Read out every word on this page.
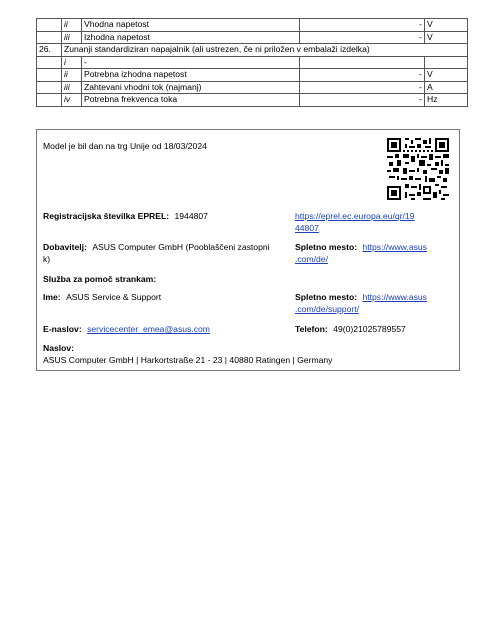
	ii	Vhodna napetost	-	V
	iii	Izhodna napetost	-	V
26.	Zunanji standardiziran napajalnik (ali ustrezen, če ni priložen v embalaži izdelka)			
	i	-		
	ii	Potrebna izhodna napetost	-	V
	iii	Zahtevani vhodni tok (najmanj)	-	A
	iv	Potrebna frekvenca toka	-	Hz
Model je bil dan na trg Unije od 18/03/2024
Registracijska številka EPREL: 1944807	https://eprel.ec.europa.eu/qr/19
44807
Dobavitelj: ASUS Computer GmbH (Pooblaščeni zastopni
k)
Spletno mesto: https://www.asus
.com/de/
Služba za pomoč strankam:
Ime: ASUS Service & Support	Spletno mesto: https://www.asus
.com/de/support/
E-naslov: servicecenter_emea@asus.com	Telefon: 49(0)21025789557
Naslov:
ASUS Computer GmbH | Harkortstraße 21 - 23 | 40880 Ratingen | Germany
